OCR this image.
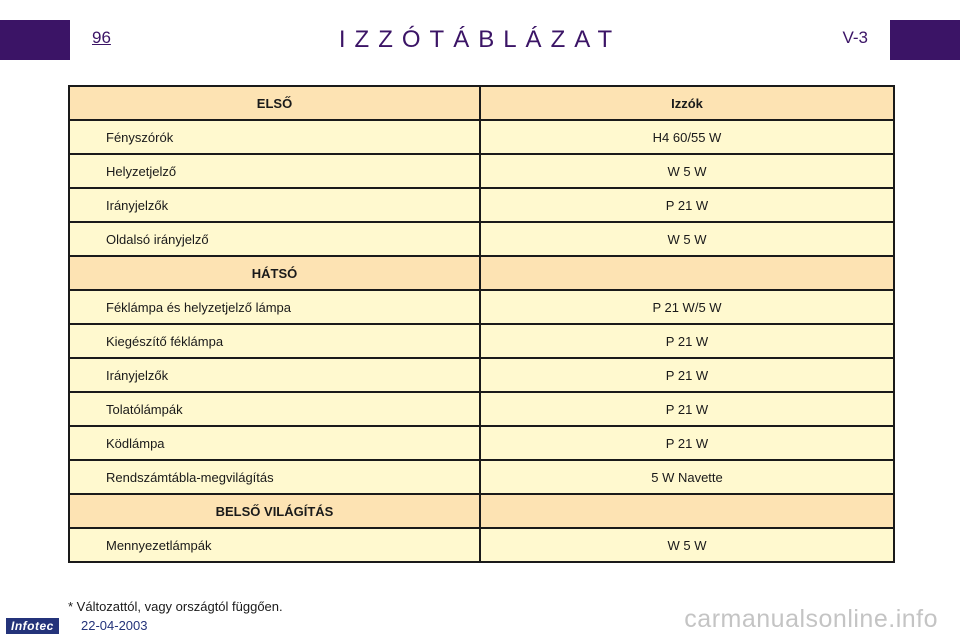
96	IZZÓTÁBLÁZAT	V-3
ELSŐ	Izzók
Fényszórók	H4 60/55 W
Helyzetjelző	W 5 W
Irányjelzők	P 21 W
Oldalsó irányjelző	W 5 W
HÁTSÓ	
Féklámpa és helyzetjelző lámpa	P 21 W/5 W
Kiegészítő féklámpa	P 21 W
Irányjelzők	P 21 W
Tolatólámpák	P 21 W
Ködlámpa	P 21 W
Rendszámtábla-megvilágítás	5 W Navette
BELSŐ VILÁGÍTÁS	
Mennyezetlámpák	W 5 W
* Változattól, vagy országtól függően.
Infotec	22-04-2003	carmanualsonline.info
